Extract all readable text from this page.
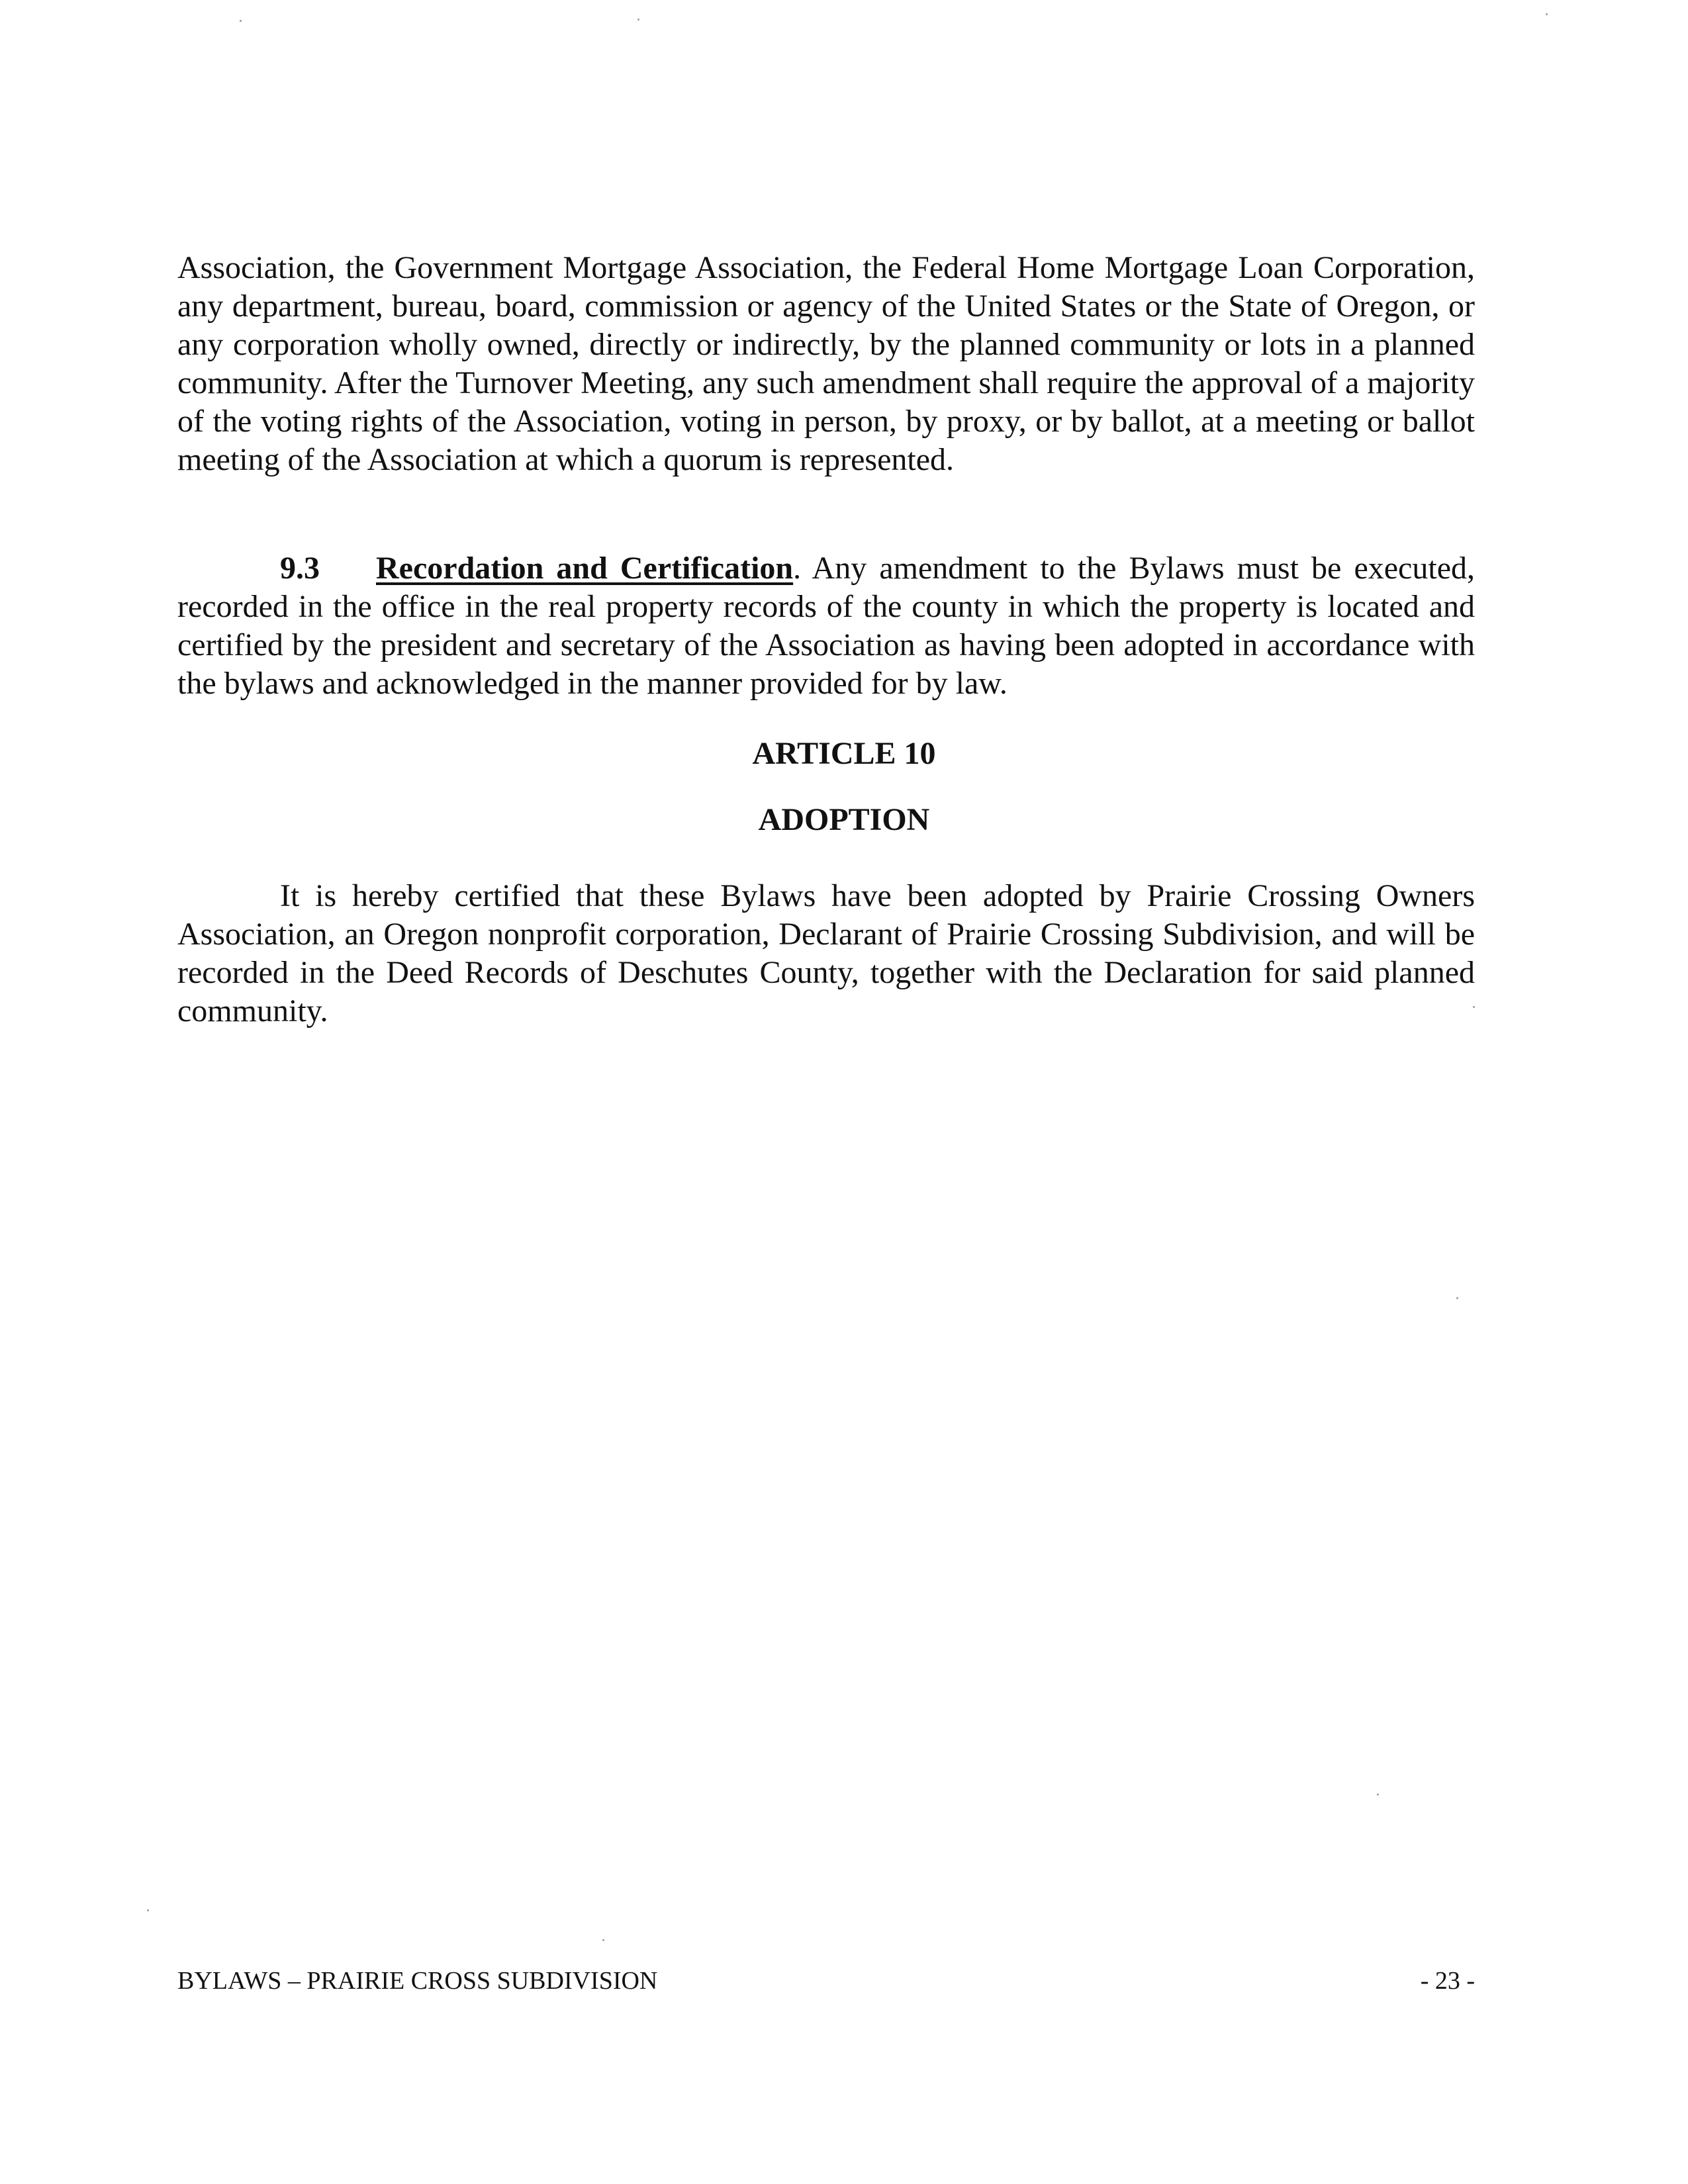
Association, the Government Mortgage Association, the Federal Home Mortgage Loan Corporation, any department, bureau, board, commission or agency of the United States or the State of Oregon, or any corporation wholly owned, directly or indirectly, by the planned community or lots in a planned community. After the Turnover Meeting, any such amendment shall require the approval of a majority of the voting rights of the Association, voting in person, by proxy, or by ballot, at a meeting or ballot meeting of the Association at which a quorum is represented.

9.3 Recordation and Certification. Any amendment to the Bylaws must be executed, recorded in the office in the real property records of the county in which the property is located and certified by the president and secretary of the Association as having been adopted in accordance with the bylaws and acknowledged in the manner provided for by law.

ARTICLE 10
ADOPTION

It is hereby certified that these Bylaws have been adopted by Prairie Crossing Owners Association, an Oregon nonprofit corporation, Declarant of Prairie Crossing Subdivision, and will be recorded in the Deed Records of Deschutes County, together with the Declaration for said planned community.

BYLAWS – PRAIRIE CROSS SUBDIVISION	- 23 -
